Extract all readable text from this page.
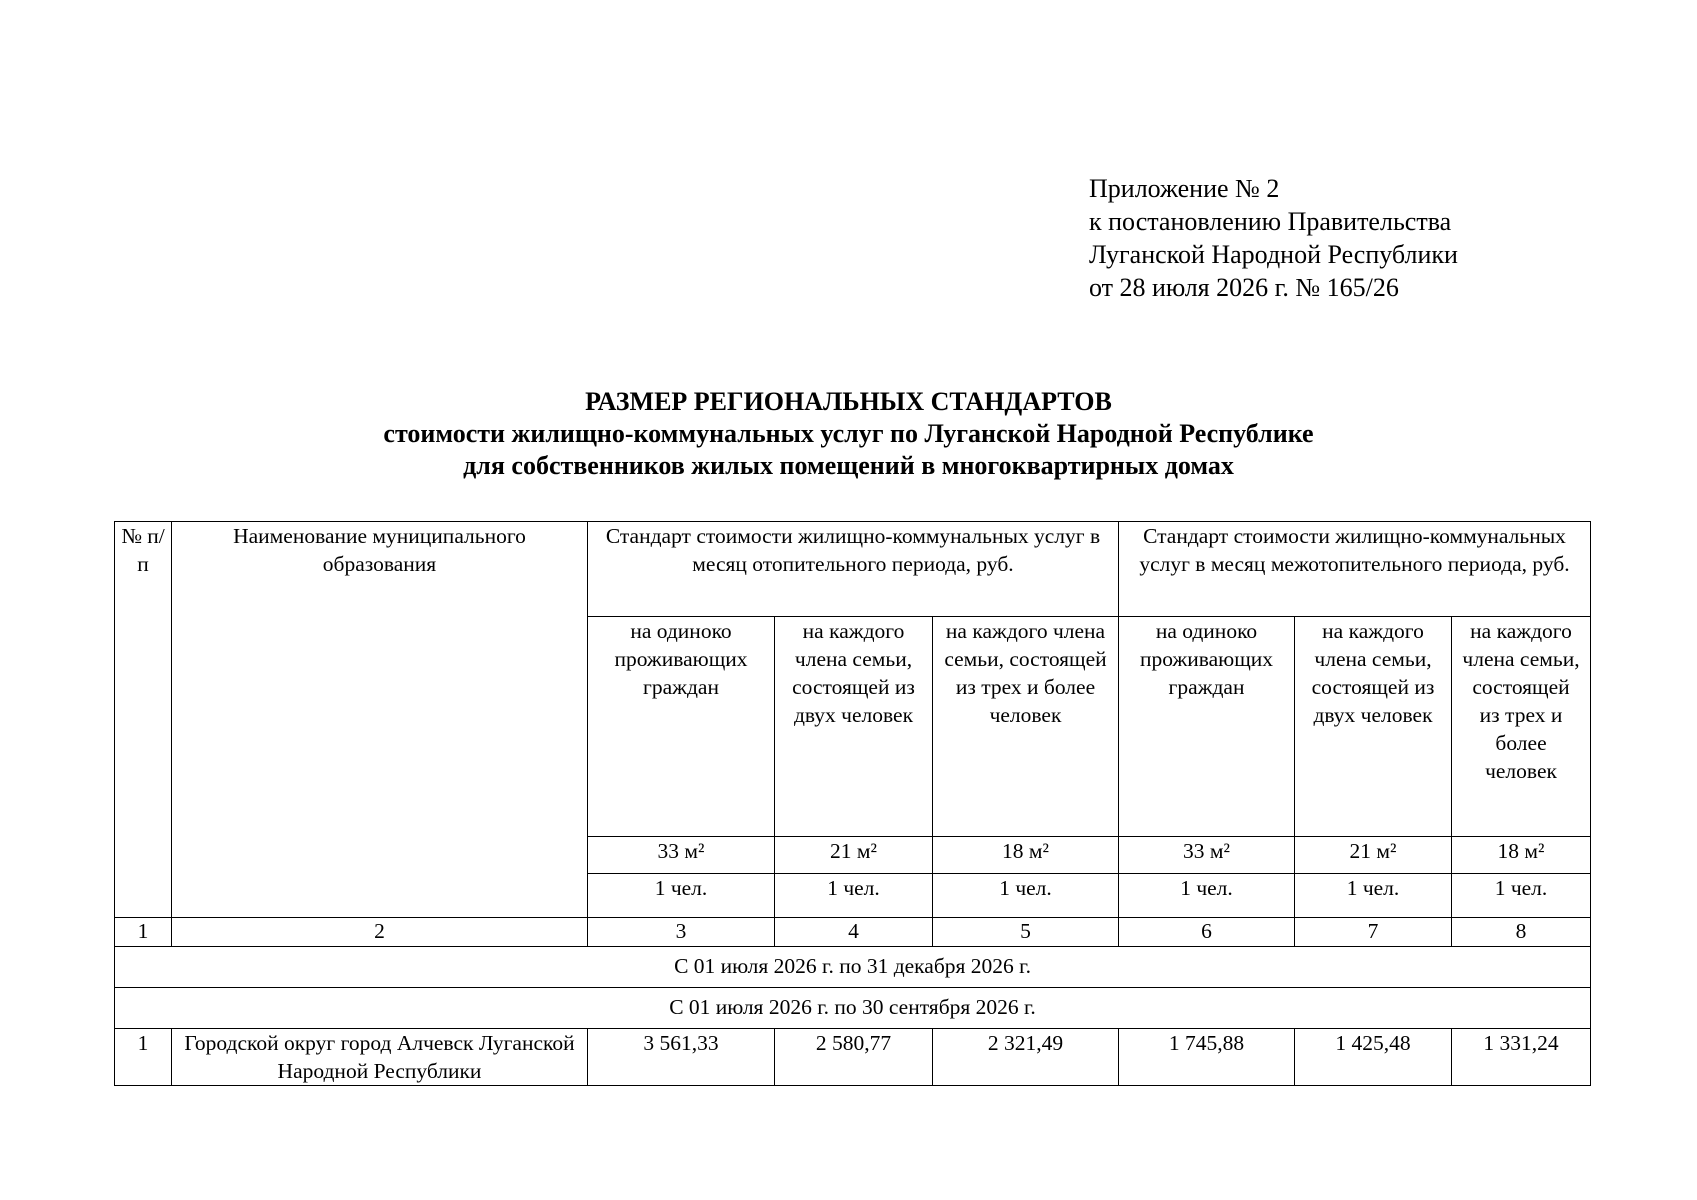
Приложение № 2
к постановлению Правительства
Луганской Народной Республики
от 28 июля 2026 г. № 165/26
РАЗМЕР РЕГИОНАЛЬНЫХ СТАНДАРТОВ
стоимости жилищно-коммунальных услуг по Луганской Народной Республике
для собственников жилых помещений в многоквартирных домах
№ п/п	Наименование муниципального образования	Стандарт стоимости жилищно-коммунальных услуг в месяц отопительного периода, руб.			Стандарт стоимости жилищно-коммунальных услуг в месяц межотопительного периода, руб.		
		на одиноко проживающих граждан	на каждого члена семьи, состоящей из двух человек	на каждого члена семьи, состоящей из трех и более человек	на одиноко проживающих граждан	на каждого члена семьи, состоящей из двух человек	на каждого члена семьи, состоящей из трех и более человек
		33 м²	21 м²	18 м²	33 м²	21 м²	18 м²
		1 чел.	1 чел.	1 чел.	1 чел.	1 чел.	1 чел.
1	2	3	4	5	6	7	8
С 01 июля 2026 г. по 31 декабря 2026 г.							
С 01 июля 2026 г. по 30 сентября 2026 г.							
1	Городской округ город Алчевск Луганской Народной Республики	3 561,33	2 580,77	2 321,49	1 745,88	1 425,48	1 331,24
